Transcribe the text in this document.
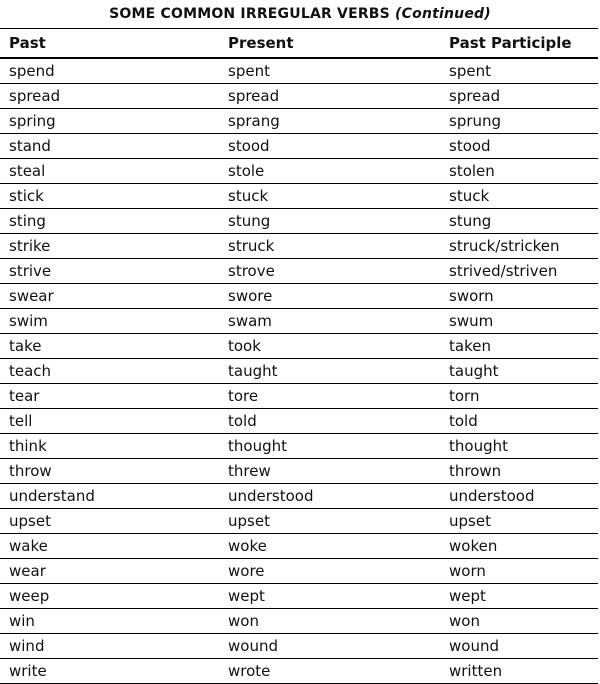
SOME COMMON IRREGULAR VERBS (Continued)
Past	Present	Past Participle
spend	spent	spent
spread	spread	spread
spring	sprang	sprung
stand	stood	stood
steal	stole	stolen
stick	stuck	stuck
sting	stung	stung
strike	struck	struck/stricken
strive	strove	strived/striven
swear	swore	sworn
swim	swam	swum
take	took	taken
teach	taught	taught
tear	tore	torn
tell	told	told
think	thought	thought
throw	threw	thrown
understand	understood	understood
upset	upset	upset
wake	woke	woken
wear	wore	worn
weep	wept	wept
win	won	won
wind	wound	wound
write	wrote	written
